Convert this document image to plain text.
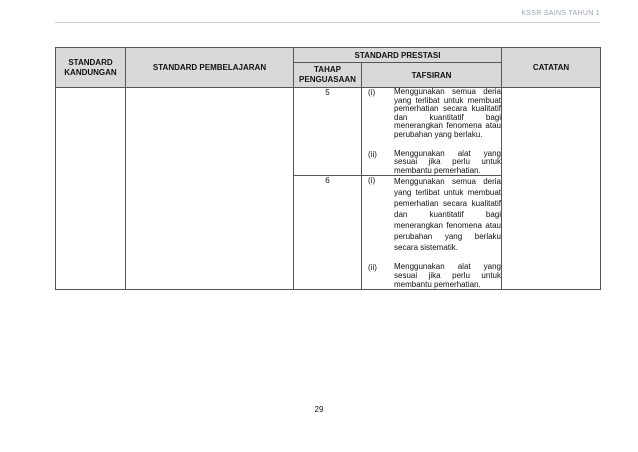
KSSR SAINS TAHUN 1
STANDARD KANDUNGAN	STANDARD PEMBELAJARAN	STANDARD PRESTASI		CATATAN
		TAHAP PENGUASAAN	TAFSIRAN	
		5	(i) Menggunakan semua deria yang terlibat untuk membuat pemerhatian secara kualitatif dan kuantitatif bagi menerangkan fenomena atau perubahan yang berlaku.
(ii) Menggunakan alat yang sesuai jika perlu untuk membantu pemerhatian.	

		6	(i) Menggunakan semua deria yang terlibat untuk membuat pemerhatian secara kualitatif dan kuantitatif bagi menerangkan fenomena atau perubahan yang berlaku secara sistematik.
(ii) Menggunakan alat yang sesuai jika perlu untuk membantu pemerhatian.	
29
